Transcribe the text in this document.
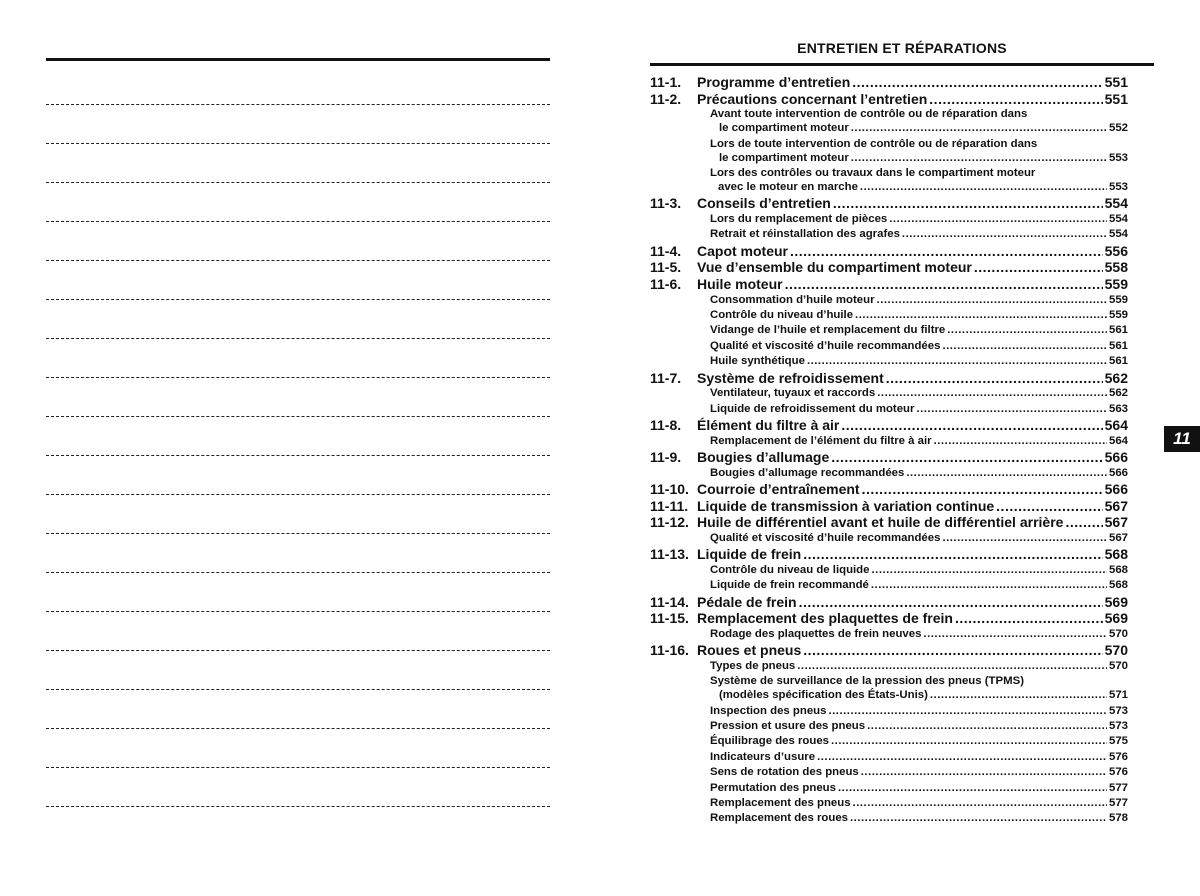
ENTRETIEN ET RÉPARATIONS
11-1.	Programme d’entretien .....	551
11-2.	Précautions concernant l’entretien .....	551
Avant toute intervention de contrôle ou de réparation dans
le compartiment moteur .....	552
Lors de toute intervention de contrôle ou de réparation dans
le compartiment moteur .....	553
Lors des contrôles ou travaux dans le compartiment moteur
avec le moteur en marche .....	553
11-3.	Conseils d’entretien .....	554
Lors du remplacement de pièces .....	554
Retrait et réinstallation des agrafes .....	554
11-4.	Capot moteur .....	556
11-5.	Vue d’ensemble du compartiment moteur .....	558
11-6.	Huile moteur .....	559
Consommation d’huile moteur .....	559
Contrôle du niveau d’huile .....	559
Vidange de l’huile et remplacement du filtre .....	561
Qualité et viscosité d’huile recommandées .....	561
Huile synthétique .....	561
11-7.	Système de refroidissement .....	562
Ventilateur, tuyaux et raccords .....	562
Liquide de refroidissement du moteur .....	563
11-8.	Élément du filtre à air .....	564
Remplacement de l’élément du filtre à air .....	564
11-9.	Bougies d’allumage .....	566
Bougies d’allumage recommandées .....	566
11-10. Courroie d’entraînement .....	566
11-11. Liquide de transmission à variation continue .....	567
11-12. Huile de différentiel avant et huile de différentiel arrière .....	567
Qualité et viscosité d’huile recommandées .....	567
11-13. Liquide de frein .....	568
Contrôle du niveau de liquide .....	568
Liquide de frein recommandé .....	568
11-14. Pédale de frein .....	569
11-15. Remplacement des plaquettes de frein .....	569
Rodage des plaquettes de frein neuves .....	570
11-16. Roues et pneus .....	570
Types de pneus .....	570
Système de surveillance de la pression des pneus (TPMS)
(modèles spécification des États-Unis) .....	571
Inspection des pneus .....	573
Pression et usure des pneus .....	573
Équilibrage des roues .....	575
Indicateurs d’usure .....	576
Sens de rotation des pneus .....	576
Permutation des pneus .....	577
Remplacement des pneus .....	577
Remplacement des roues .....	578
11
